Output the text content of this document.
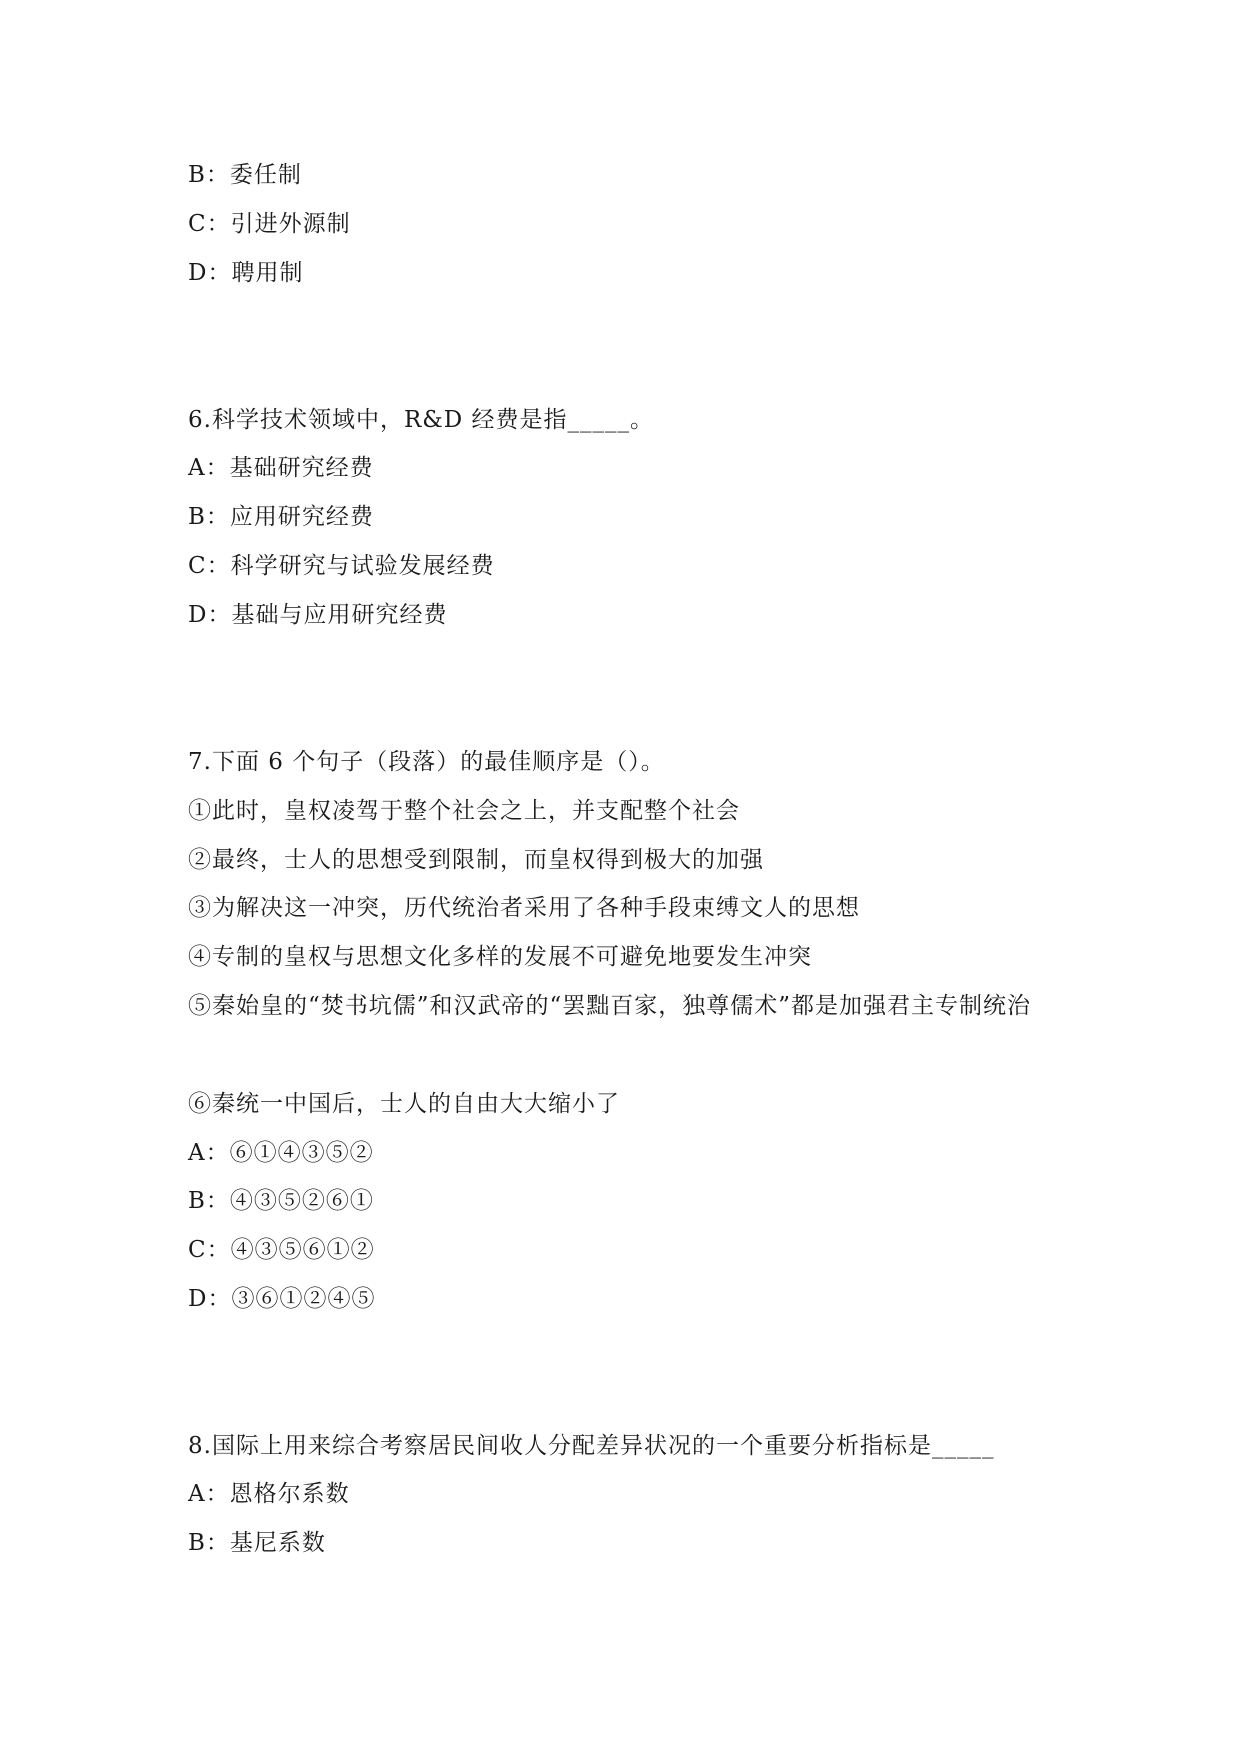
B：委任制
C：引进外源制
D：聘用制
6.科学技术领域中，R&D 经费是指_____。
A：基础研究经费
B：应用研究经费
C：科学研究与试验发展经费
D：基础与应用研究经费
7.下面 6 个句子（段落）的最佳顺序是（）。
①此时，皇权凌驾于整个社会之上，并支配整个社会
②最终，士人的思想受到限制，而皇权得到极大的加强
③为解决这一冲突，历代统治者采用了各种手段束缚文人的思想
④专制的皇权与思想文化多样的发展不可避免地要发生冲突
⑤秦始皇的“焚书坑儒”和汉武帝的“罢黜百家，独尊儒术”都是加强君主专制统治
⑥秦统一中国后，士人的自由大大缩小了
A：⑥①④③⑤②
B：④③⑤②⑥①
C：④③⑤⑥①②
D：③⑥①②④⑤
8.国际上用来综合考察居民间收人分配差异状况的一个重要分析指标是_____
A：恩格尔系数
B：基尼系数
